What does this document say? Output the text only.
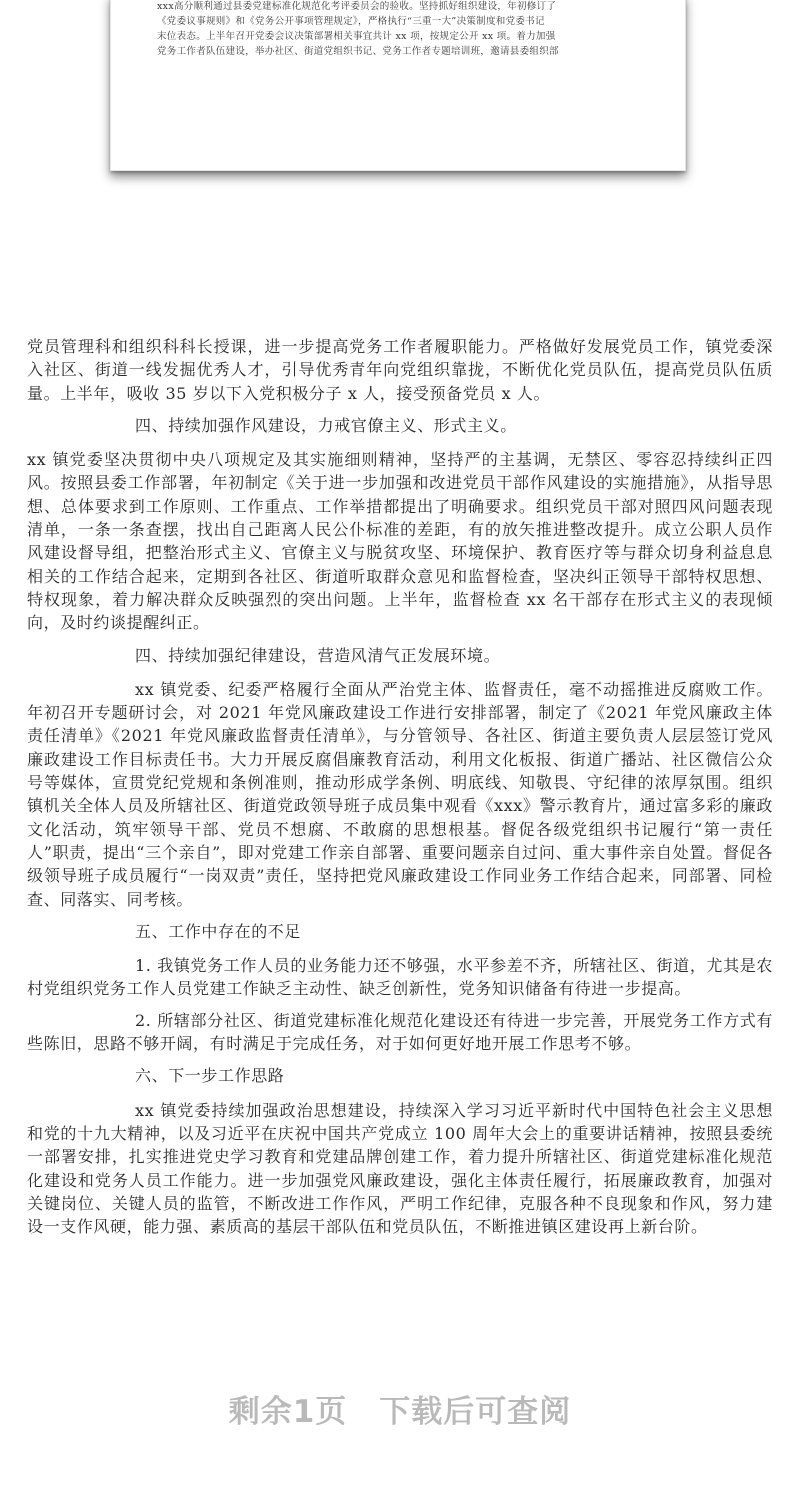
xxx高分顺利通过县委党建标准化规范化考评委员会的验收。坚持抓好组织建设，年初修订了

《党委议事规则》和《党务公开事项管理规定》，严格执行“三重一大”决策制度和党委书记

末位表态。上半年召开党委会议决策部署相关事宜共计 xx 项，按规定公开 xx 项。着力加强

党务工作者队伍建设，举办社区、街道党组织书记、党务工作者专题培训班，邀请县委组织部

党员管理科和组织科科长授课，进一步提高党务工作者履职能力。严格做好发展党员工作，镇党委深入社区、街道一线发掘优秀人才，引导优秀青年向党组织靠拢，不断优化党员队伍，提高党员队伍质量。上半年，吸收 35 岁以下入党积极分子 x 人，接受预备党员 x 人。

四、持续加强作风建设，力戒官僚主义、形式主义。

xx 镇党委坚决贯彻中央八项规定及其实施细则精神，坚持严的主基调，无禁区、零容忍持续纠正四风。按照县委工作部署，年初制定《关于进一步加强和改进党员干部作风建设的实施措施》，从指导思想、总体要求到工作原则、工作重点、工作举措都提出了明确要求。组织党员干部对照四风问题表现清单，一条一条查摆，找出自己距离人民公仆标准的差距，有的放矢推进整改提升。成立公职人员作风建设督导组，把整治形式主义、官僚主义与脱贫攻坚、环境保护、教育医疗等与群众切身利益息息相关的工作结合起来，定期到各社区、街道听取群众意见和监督检查，坚决纠正领导干部特权思想、特权现象，着力解决群众反映强烈的突出问题。上半年，监督检查 xx 名干部存在形式主义的表现倾向，及时约谈提醒纠正。

四、持续加强纪律建设，营造风清气正发展环境。

xx 镇党委、纪委严格履行全面从严治党主体、监督责任，毫不动摇推进反腐败工作。年初召开专题研讨会，对 2021 年党风廉政建设工作进行安排部署，制定了《2021 年党风廉政主体责任清单》《2021 年党风廉政监督责任清单》，与分管领导、各社区、街道主要负责人层层签订党风廉政建设工作目标责任书。大力开展反腐倡廉教育活动，利用文化板报、街道广播站、社区微信公众号等媒体，宣贯党纪党规和条例准则，推动形成学条例、明底线、知敬畏、守纪律的浓厚氛围。组织镇机关全体人员及所辖社区、街道党政领导班子成员集中观看《xxx》警示教育片，通过富多彩的廉政文化活动，筑牢领导干部、党员不想腐、不敢腐的思想根基。督促各级党组织书记履行“第一责任人”职责，提出“三个亲自”，即对党建工作亲自部署、重要问题亲自过问、重大事件亲自处置。督促各级领导班子成员履行“一岗双责”责任，坚持把党风廉政建设工作同业务工作结合起来，同部署、同检查、同落实、同考核。

五、工作中存在的不足

1. 我镇党务工作人员的业务能力还不够强，水平参差不齐，所辖社区、街道，尤其是农村党组织党务工作人员党建工作缺乏主动性、缺乏创新性，党务知识储备有待进一步提高。

2. 所辖部分社区、街道党建标准化规范化建设还有待进一步完善，开展党务工作方式有些陈旧，思路不够开阔，有时满足于完成任务，对于如何更好地开展工作思考不够。

六、下一步工作思路

xx 镇党委持续加强政治思想建设，持续深入学习习近平新时代中国特色社会主义思想和党的十九大精神，以及习近平在庆祝中国共产党成立 100 周年大会上的重要讲话精神，按照县委统一部署安排，扎实推进党史学习教育和党建品牌创建工作，着力提升所辖社区、街道党建标准化规范化建设和党务人员工作能力。进一步加强党风廉政建设，强化主体责任履行，拓展廉政教育，加强对关键岗位、关键人员的监管，不断改进工作作风，严明工作纪律，克服各种不良现象和作风，努力建设一支作风硬，能力强、素质高的基层干部队伍和党员队伍，不断推进镇区建设再上新台阶。

剩余1页　下载后可查阅
